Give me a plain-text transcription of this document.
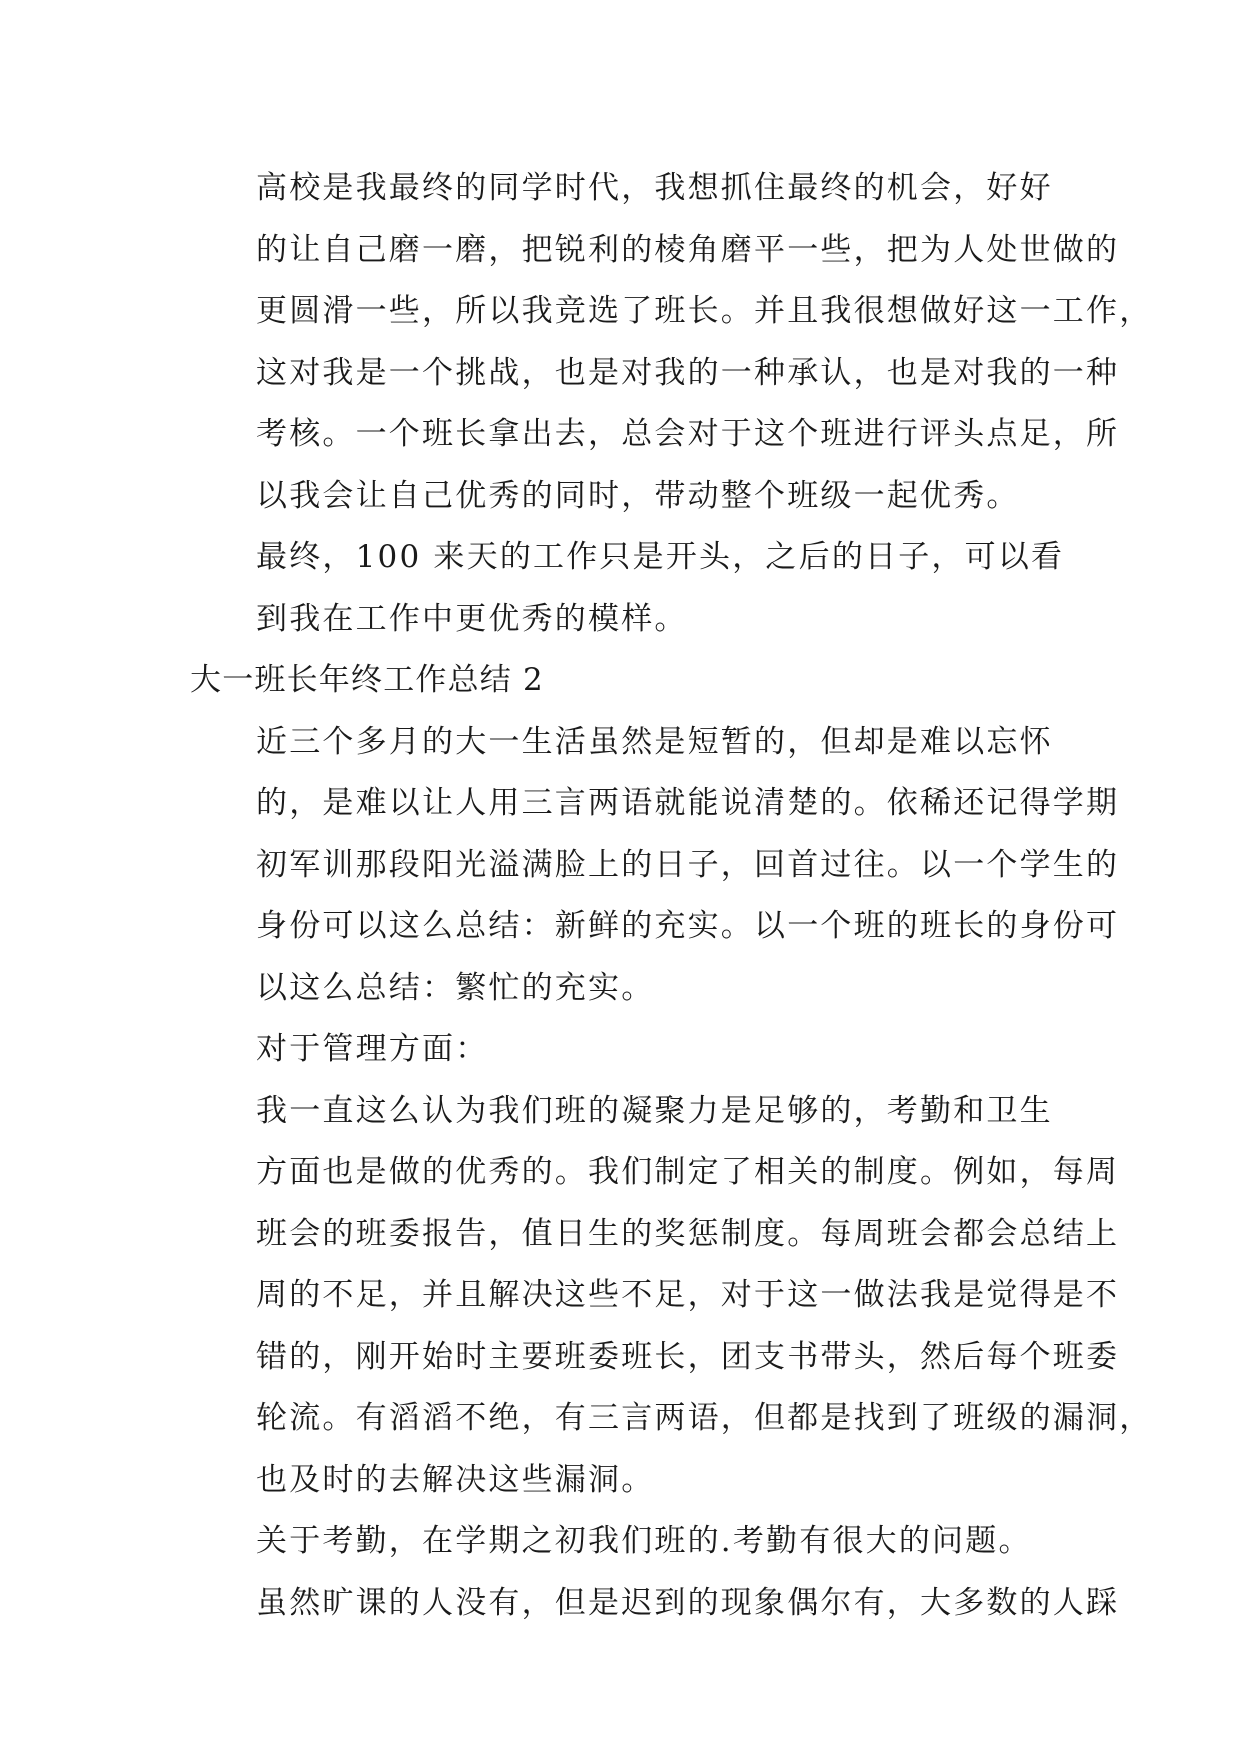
高校是我最终的同学时代，我想抓住最终的机会，好好
的让自己磨一磨，把锐利的棱角磨平一些，把为人处世做的
更圆滑一些，所以我竞选了班长。并且我很想做好这一工作，
这对我是一个挑战，也是对我的一种承认，也是对我的一种
考核。一个班长拿出去，总会对于这个班进行评头点足，所
以我会让自己优秀的同时，带动整个班级一起优秀。

最终，100 来天的工作只是开头，之后的日子，可以看
到我在工作中更优秀的模样。

大一班长年终工作总结 2

近三个多月的大一生活虽然是短暂的，但却是难以忘怀
的，是难以让人用三言两语就能说清楚的。依稀还记得学期
初军训那段阳光溢满脸上的日子，回首过往。以一个学生的
身份可以这么总结：新鲜的充实。以一个班的班长的身份可
以这么总结：繁忙的充实。

对于管理方面：

我一直这么认为我们班的凝聚力是足够的，考勤和卫生
方面也是做的优秀的。我们制定了相关的制度。例如，每周
班会的班委报告，值日生的奖惩制度。每周班会都会总结上
周的不足，并且解决这些不足，对于这一做法我是觉得是不
错的，刚开始时主要班委班长，团支书带头，然后每个班委
轮流。有滔滔不绝，有三言两语，但都是找到了班级的漏洞，
也及时的去解决这些漏洞。

关于考勤，在学期之初我们班的.考勤有很大的问题。
虽然旷课的人没有，但是迟到的现象偶尔有，大多数的人踩
